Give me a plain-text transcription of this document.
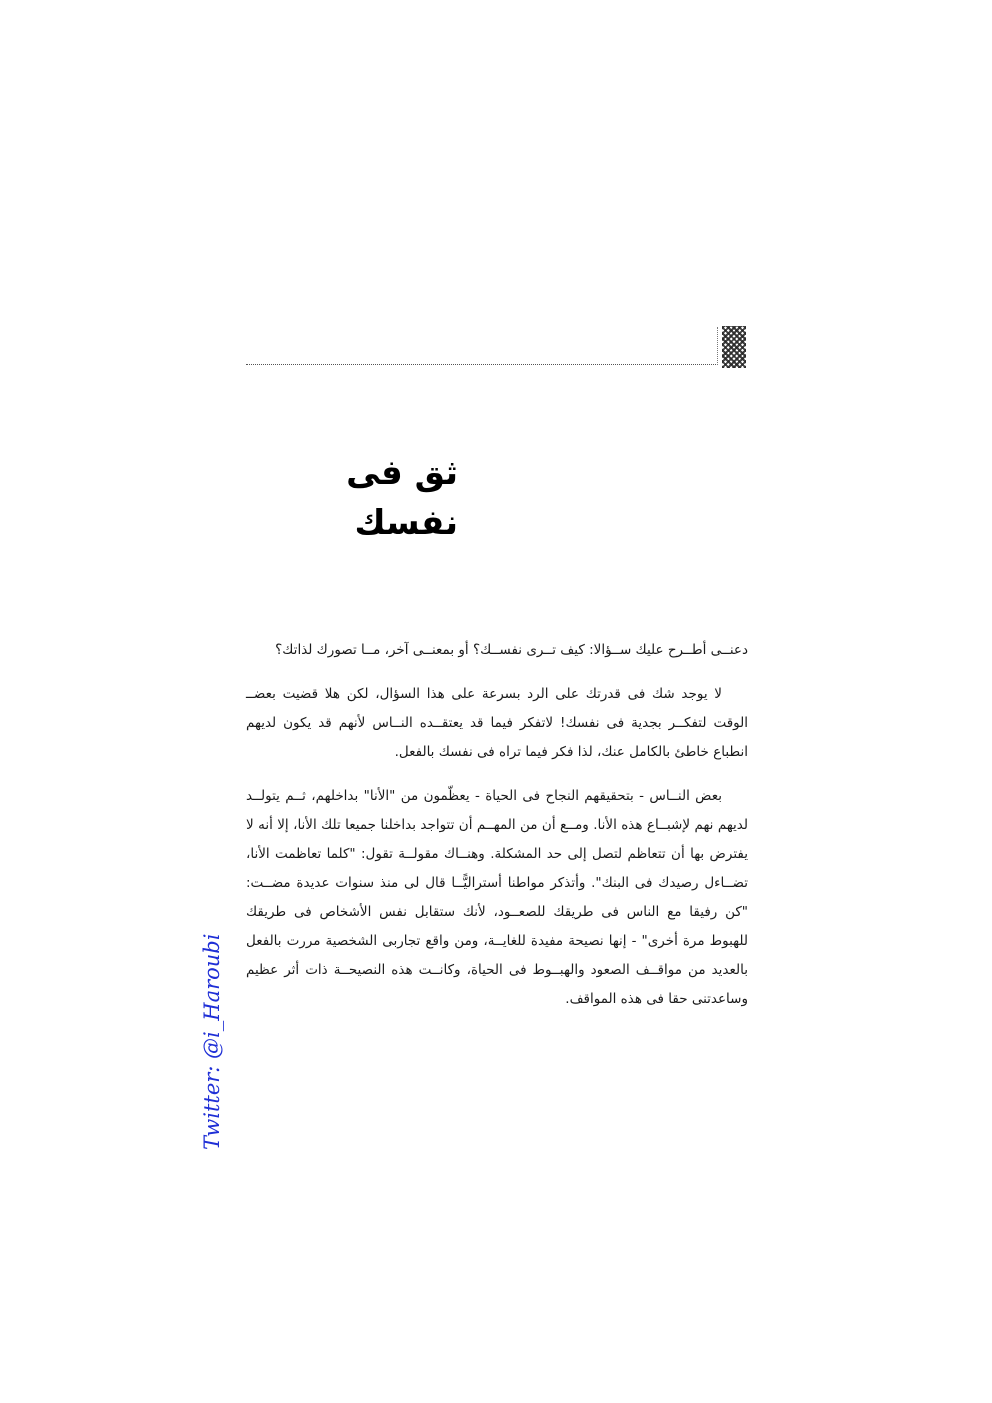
ثق فى نفسك

دعنــى أطــرح عليك ســؤالا: كيف تــرى نفســك؟ أو بمعنــى آخر، مــا تصورك لذاتك؟

لا يوجد شك فى قدرتك على الرد بسرعة على هذا السؤال، لكن هلا قضيت بعضــ الوقت لتفكــر بجدية فى نفسك! لاتفكر فيما قد يعتقــده النــاس لأنهم قد يكون لديهم انطباع خاطئ بالكامل عنك، لذا فكر فيما تراه فى نفسك بالفعل.

بعض النــاس - بتحقيقهم النجاح فى الحياة - يعظّمون من "الأنا" بداخلهم، ثــم يتولــد لديهم نهم لإشبــاع هذه الأنا. ومــع أن من المهــم أن تتواجد بداخلنا جميعا تلك الأنا، إلا أنه لا يفترض بها أن تتعاظم لتصل إلى حد المشكلة. وهنــاك مقولــة تقول: "كلما تعاظمت الأنا، تضــاءل رصيدك فى البنك". وأتذكر مواطنا أستراليًّــا قال لى منذ سنوات عديدة مضــت: "كن رفيقا مع الناس فى طريقك للصعــود، لأنك ستقابل نفس الأشخاص فى طريقك للهبوط مرة أخرى" - إنها نصيحة مفيدة للغايــة، ومن واقع تجاربى الشخصية مررت بالفعل بالعديد من مواقــف الصعود والهبــوط فى الحياة، وكانــت هذه النصيحــة ذات أثر عظيم وساعدتنى حقا فى هذه المواقف.

Twitter: @i_Haroubi
